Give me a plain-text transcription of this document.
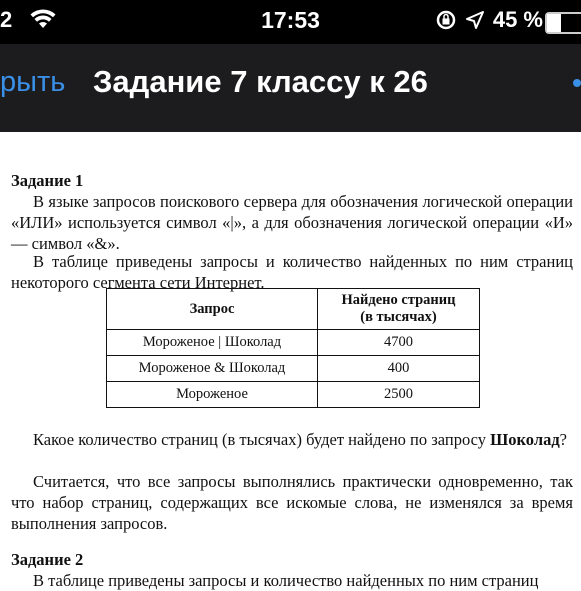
2	17:53	45 %
рыть Задание 7 классу к 26
Задание 1
В языке запросов поискового сервера для обозначения логической операции «ИЛИ» используется символ «|», а для обозначения логической операции «И» — символ «&».
В таблице приведены запросы и количество найденных по ним страниц некоторого сегмента сети Интернет.
Запрос	Найдено страниц
(в тысячах)
Мороженое | Шоколад	4700
Мороженое & Шоколад	400
Мороженое	2500
Какое количество страниц (в тысячах) будет найдено по запросу Шоколад?
Считается, что все запросы выполнялись практически одновременно, так что набор страниц, содержащих все искомые слова, не изменялся за время выполнения запросов.
Задание 2
В таблице приведены запросы и количество найденных по ним страниц
